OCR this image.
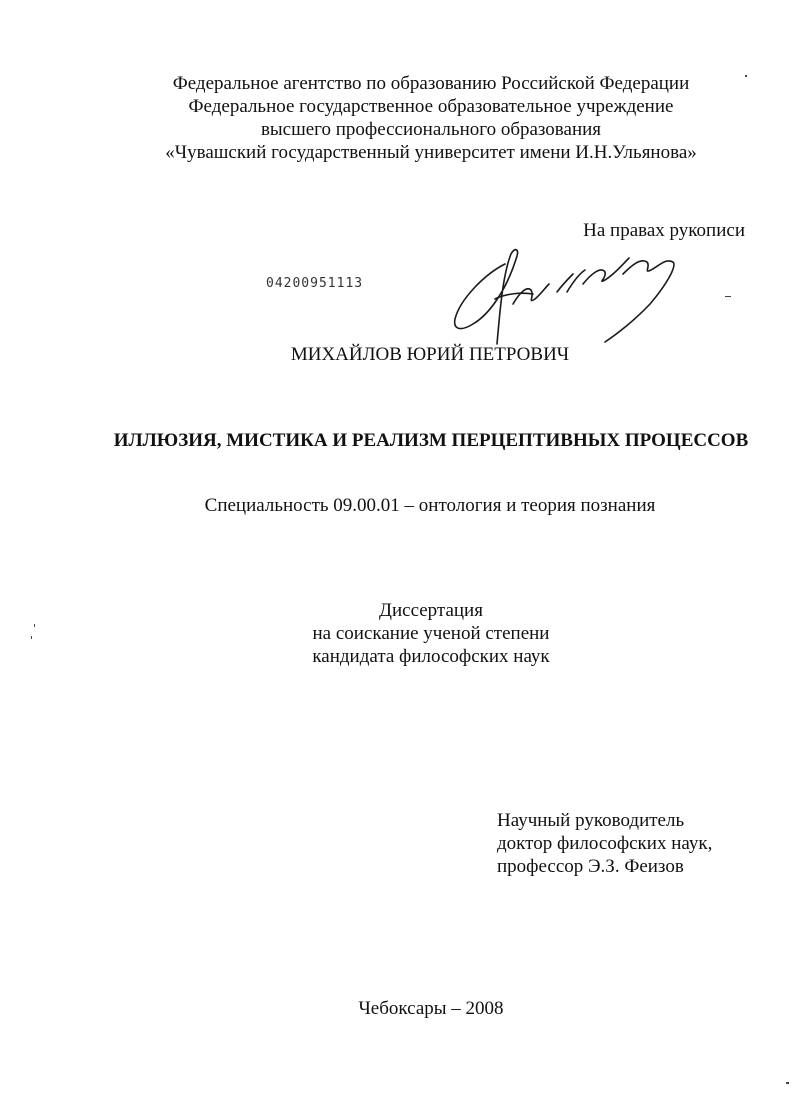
Федеральное агентство по образованию Российской Федерации
Федеральное государственное образовательное учреждение
высшего профессионального образования
«Чувашский государственный университет имени И.Н.Ульянова»
На правах рукописи
04200951113
МИХАЙЛОВ ЮРИЙ ПЕТРОВИЧ
ИЛЛЮЗИЯ, МИСТИКА И РЕАЛИЗМ ПЕРЦЕПТИВНЫХ ПРОЦЕССОВ
Специальность 09.00.01 – онтология и теория познания
Диссертация
на соискание ученой степени
кандидата философских наук
Научный руководитель
доктор философских наук,
профессор Э.З. Феизов
Чебоксары – 2008
